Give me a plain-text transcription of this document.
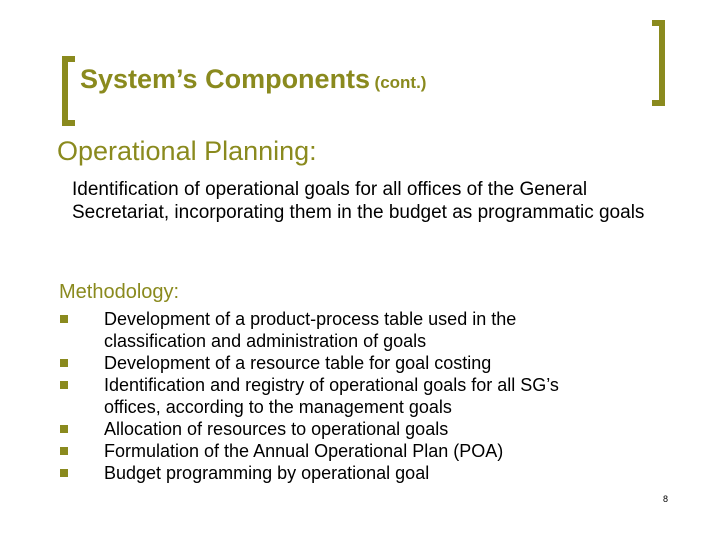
System’s Components (cont.)
Operational Planning:

Identification of operational goals for all offices of the General Secretariat, incorporating them in the budget as programmatic goals

Methodology:
Development of a product-process table used in the
classification and administration of goals
Development of a resource table for goal costing
Identification and registry of operational goals for all SG’s
offices, according to the management goals
Allocation of resources to operational goals
Formulation of the Annual Operational Plan (POA)
Budget programming by operational goal
8
